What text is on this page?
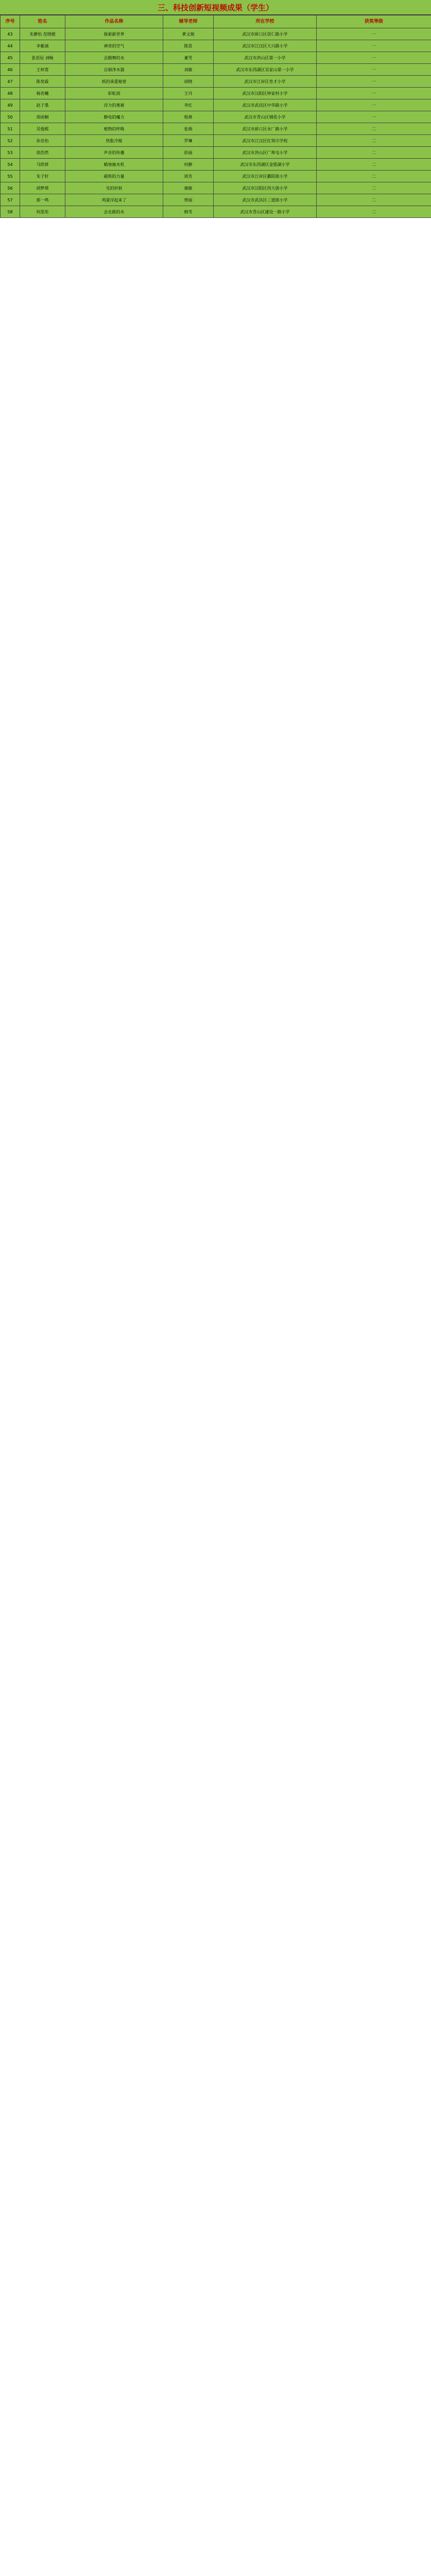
三、科技创新短视频成果（学生）
序号	姓名	作品名称	辅导老师	所在学校	获奖等级
43	朱静怡 范晓媛	探索新世界	黄文娟	武汉市硚口区崇仁路小学	一
44	李紫涵	神奇的空气	陈思	武汉市江汉区大兴路小学	一
45	张语辰 刘畅	会跳舞的水	董雪	武汉市洪山区第一小学	一
46	王梓萱	自制净水器	刘敏	武汉市东西湖区吴家山第一小学	一
47	陈奕霖	纸的承重秘密	胡晓	武汉市江岸区育才小学	一
48	杨若曦	彩虹雨	王丹	武汉市汉阳区钟家村小学	一
49	赵子墨	浮力的奥秘	李红	武汉市武昌区中华路小学	一
50	周雨桐	静电的魔力	程燕	武汉市青山区钢花小学	一
51	吴俊熙	植物的呼吸	张娟	武汉市硚口区水厂路小学	二
52	孙佳怡	热胀冷缩	罗琳	武汉市江汉区红领巾学校	二
53	徐浩然	声音的传播	彭丽	武汉市洪山区广埠屯小学	二
54	马欣妍	蜡烛抽水机	何静	武汉市东西湖区金银湖小学	二
55	朱子轩	磁铁的力量	周芳	武汉市江岸区鄱阳街小学	二
56	胡梦琪	光的折射	谢敏	武汉市汉阳区西大街小学	二
57	郭一鸣	鸡蛋浮起来了	曾丽	武汉市武昌区三道街小学	二
58	何思彤	会走路的水	韩雪	武汉市青山区建设一路小学	二
